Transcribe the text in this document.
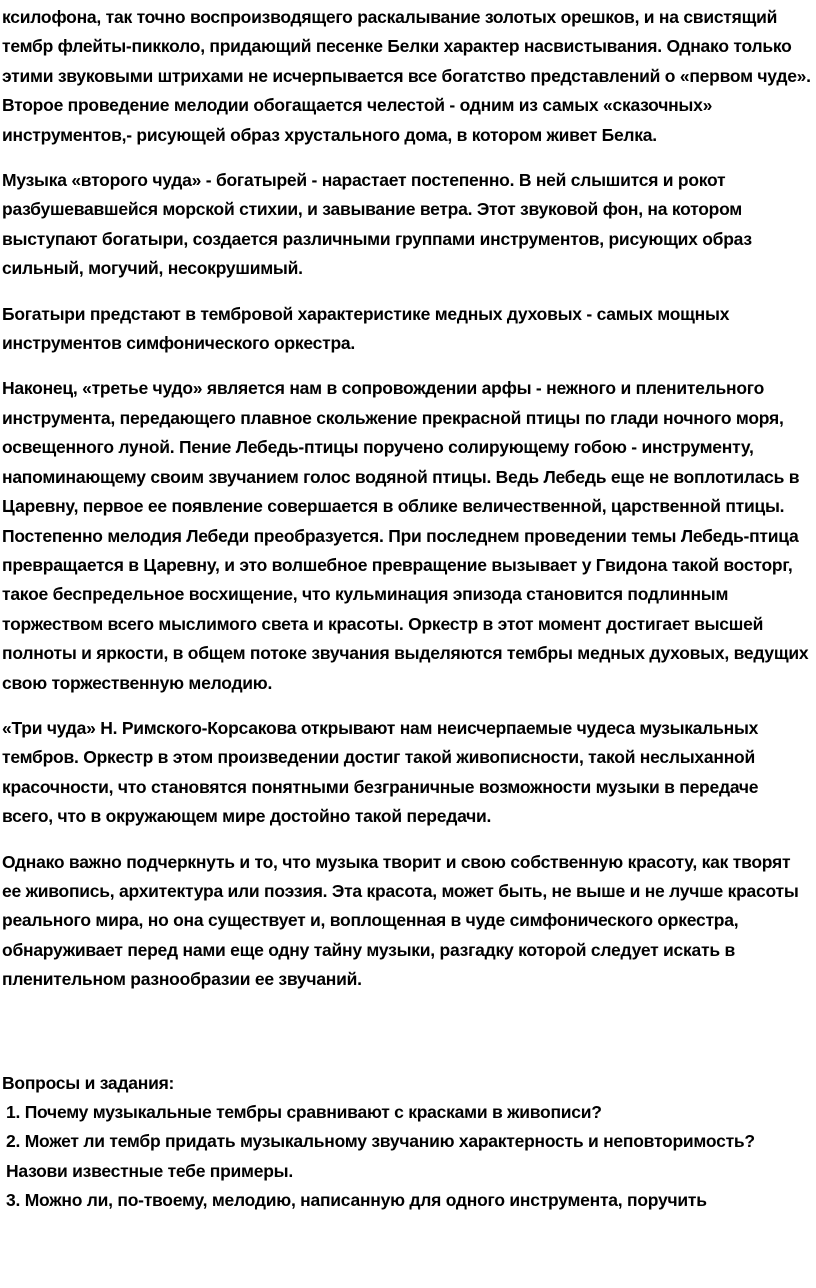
ксилофона, так точно воспроизводящего раскалывание золотых орешков, и на свистящий тембр флейты-пикколо, придающий песенке Белки характер насвистывания. Однако только этими звуковыми штрихами не исчерпывается все богатство представлений о «первом чуде». Второе проведение мелодии обогащается челестой - одним из самых «сказочных» инструментов,- рисующей образ хрустального дома, в котором живет Белка.

Музыка «второго чуда» - богатырей - нарастает постепенно. В ней слышится и рокот разбушевавшейся морской стихии, и завывание ветра. Этот звуковой фон, на котором выступают богатыри, создается различными группами инструментов, рисующих образ сильный, могучий, несокрушимый.

Богатыри предстают в тембровой характеристике медных духовых - самых мощных инструментов симфонического оркестра.

Наконец, «третье чудо» является нам в сопровождении арфы - нежного и пленительного инструмента, передающего плавное скольжение прекрасной птицы по глади ночного моря, освещенного луной. Пение Лебедь-птицы поручено солирующему гобою - инструменту, напоминающему своим звучанием голос водяной птицы. Ведь Лебедь еще не воплотилась в Царевну, первое ее появление совершается в облике величественной, царственной птицы. Постепенно мелодия Лебеди преобразуется. При последнем проведении темы Лебедь-птица превращается в Царевну, и это волшебное превращение вызывает у Гвидона такой восторг, такое беспредельное восхищение, что кульминация эпизода становится подлинным торжеством всего мыслимого света и красоты. Оркестр в этот момент достигает высшей полноты и яркости, в общем потоке звучания выделяются тембры медных духовых, ведущих свою торжественную мелодию.

«Три чуда» Н. Римского-Корсакова открывают нам неисчерпаемые чудеса музыкальных тембров. Оркестр в этом произведении достиг такой живописности, такой неслыханной красочности, что становятся понятными безграничные возможности музыки в передаче всего, что в окружающем мире достойно такой передачи.

Однако важно подчеркнуть и то, что музыка творит и свою собственную красоту, как творят ее живопись, архитектура или поэзия. Эта красота, может быть, не выше и не лучше красоты реального мира, но она существует и, воплощенная в чуде симфонического оркестра, обнаруживает перед нами еще одну тайну музыки, разгадку которой следует искать в пленительном разнообразии ее звучаний.

Вопросы и задания:

1. Почему музыкальные тембры сравнивают с красками в живописи?

2. Может ли тембр придать музыкальному звучанию характерность и неповторимость? Назови известные тебе примеры.

3. Можно ли, по-твоему, мелодию, написанную для одного инструмента, поручить
